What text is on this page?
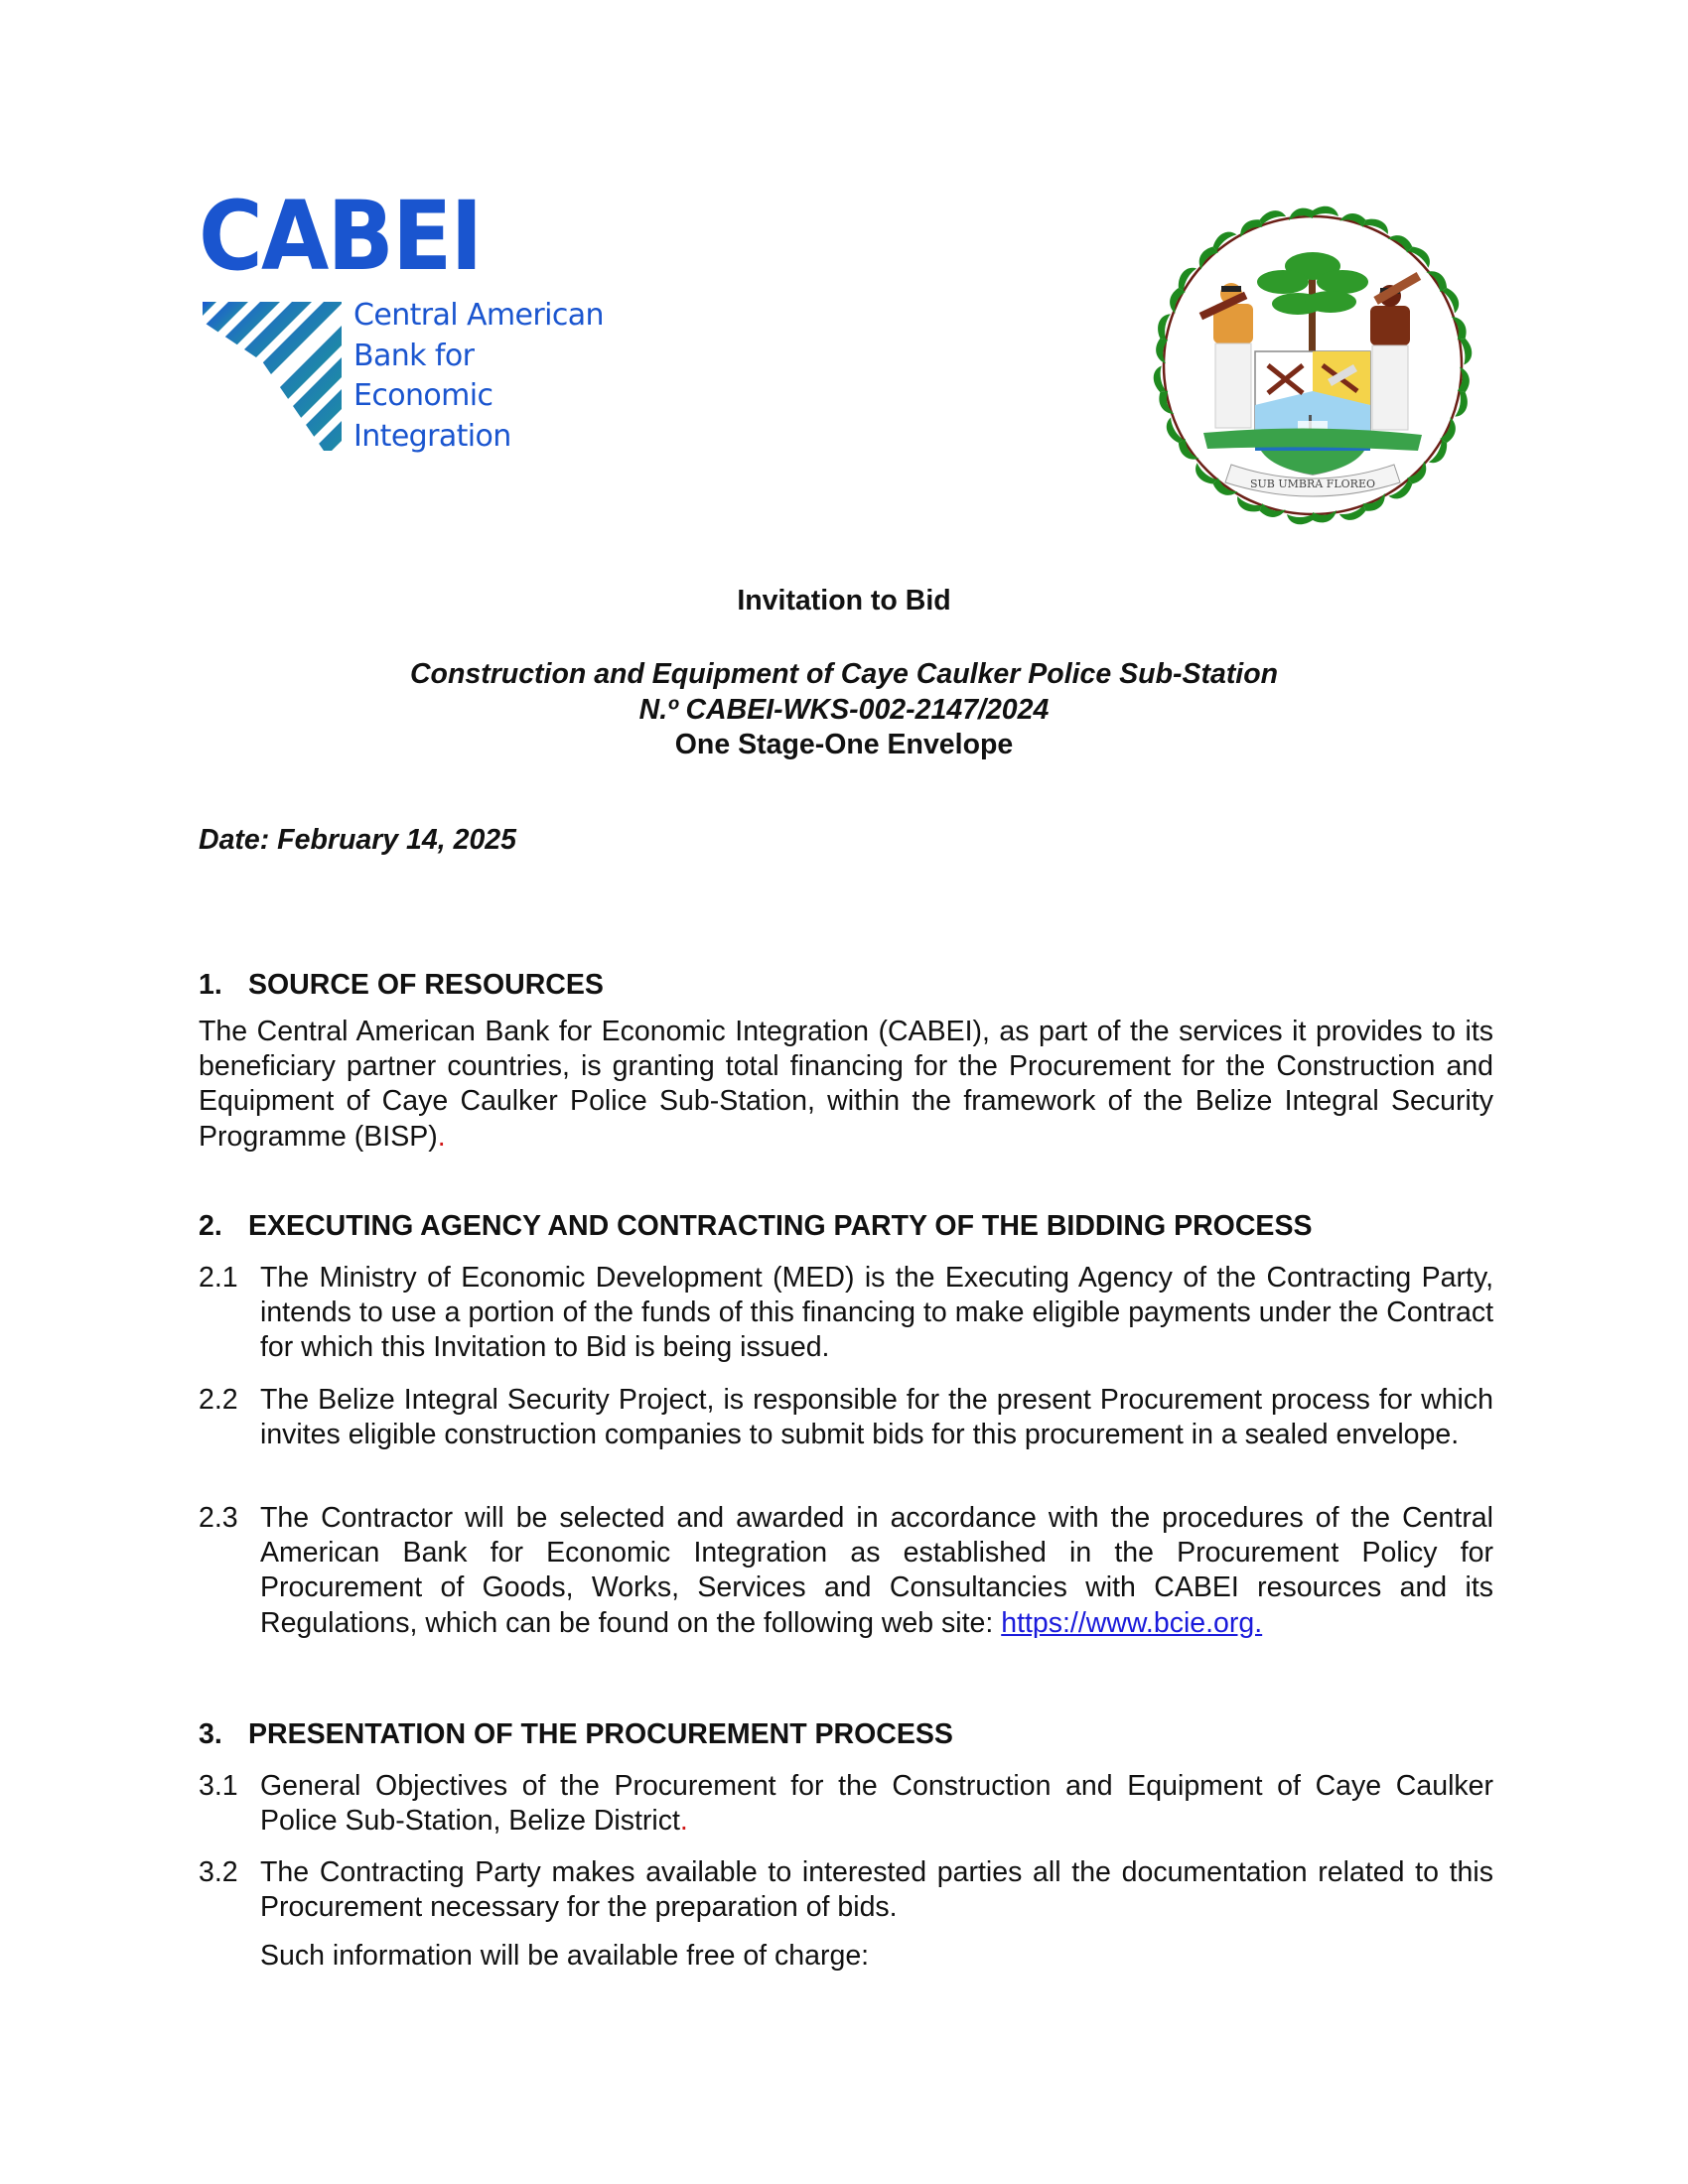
CABEI
Central American
Bank for
Economic
Integration
SUB UMBRA FLOREO
Invitation to Bid
Construction and Equipment of Caye Caulker Police Sub-Station
N.º CABEI-WKS-002-2147/2024
One Stage-One Envelope
Date: February 14, 2025
1. SOURCE OF RESOURCES
The Central American Bank for Economic Integration (CABEI), as part of the services it provides to its beneficiary partner countries, is granting total financing for the Procurement for the Construction and Equipment of Caye Caulker Police Sub-Station, within the framework of the Belize Integral Security Programme (BISP).
2. EXECUTING AGENCY AND CONTRACTING PARTY OF THE BIDDING PROCESS
2.1 The Ministry of Economic Development (MED) is the Executing Agency of the Contracting Party, intends to use a portion of the funds of this financing to make eligible payments under the Contract for which this Invitation to Bid is being issued.
2.2 The Belize Integral Security Project, is responsible for the present Procurement process for which invites eligible construction companies to submit bids for this procurement in a sealed envelope.
2.3 The Contractor will be selected and awarded in accordance with the procedures of the Central American Bank for Economic Integration as established in the Procurement Policy for Procurement of Goods, Works, Services and Consultancies with CABEI resources and its Regulations, which can be found on the following web site: https://www.bcie.org.
3. PRESENTATION OF THE PROCUREMENT PROCESS
3.1 General Objectives of the Procurement for the Construction and Equipment of Caye Caulker Police Sub-Station, Belize District.
3.2 The Contracting Party makes available to interested parties all the documentation related to this Procurement necessary for the preparation of bids.
Such information will be available free of charge:
